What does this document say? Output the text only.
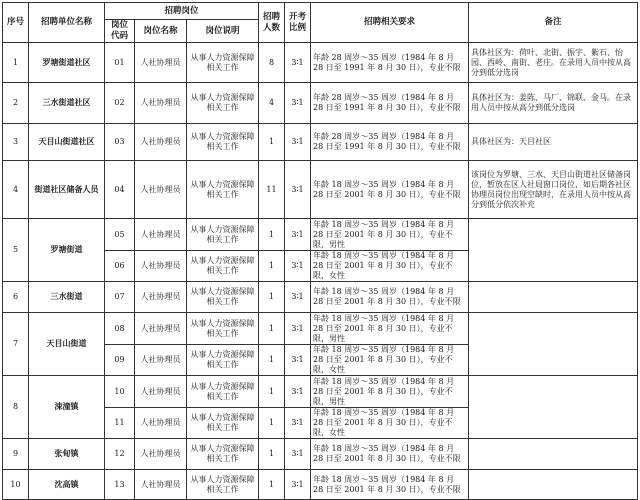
序号	招聘单位名称	招聘岗位			招聘人数	开考比例	招聘相关要求	备注
		岗位代码	岗位名称	岗位说明				
1	罗塘街道社区	01	人社协理员	从事人力资源保障相关工作	8	3∶1	年龄 28 周岁～35 周岁（1984 年 8 月 28 日至 1991 年 8 月 30 日），专业不限	具体社区为：荷叶、北街、振宇、紫石、怡园、西岭、南街、老庄。在录用人员中按从高分到低分选岗
2	三水街道社区	02	人社协理员	从事人力资源保障相关工作	4	3∶1	年龄 28 周岁～35 周岁（1984 年 8 月 28 日至 1991 年 8 月 30 日），专业不限	具体社区为：姜陈、马厂、锦联、金马。在录用人员中按从高分到低分选岗
3	天目山街道社区	03	人社协理员	从事人力资源保障相关工作	1	3∶1	年龄 28 周岁～35 周岁（1984 年 8 月 28 日至 1991 年 8 月 30 日），专业不限	具体社区为：天目社区
4	街道社区储备人员	04	人社协理员	从事人力资源保障相关工作	11	3∶1	年龄 18 周岁～35 周岁（1984 年 8 月 28 日至 2001 年 8 月 30 日），专业不限	该岗位为罗塘、三水、天目山街道社区储备岗位，暂放在区人社局窗口岗位，如后期各社区协理员岗位出现空缺时，在录用人员中按从高分到低分依次补充
5	罗塘街道	05	人社协理员	从事人力资源保障相关工作	1	3∶1	年龄 18 周岁～35 周岁（1984 年 8 月 28 日至 2001 年 8 月 30 日），专业不限，男性	
		06	人社协理员	从事人力资源保障相关工作	1	3∶1	年龄 18 周岁～35 周岁（1984 年 8 月 28 日至 2001 年 8 月 30 日），专业不限，女性	
6	三水街道	07	人社协理员	从事人力资源保障相关工作	1	3∶1	年龄 18 周岁～35 周岁（1984 年 8 月 28 日至 2001 年 8 月 30 日），专业不限	
7	天目山街道	08	人社协理员	从事人力资源保障相关工作	1	3∶1	年龄 18 周岁～35 周岁（1984 年 8 月 28 日至 2001 年 8 月 30 日），专业不限，男性	
		09	人社协理员	从事人力资源保障相关工作	1	3∶1	年龄 18 周岁～35 周岁（1984 年 8 月 28 日至 2001 年 8 月 30 日），专业不限，女性	
8	涑潼镇	10	人社协理员	从事人力资源保障相关工作	1	3∶1	年龄 18 周岁～35 周岁（1984 年 8 月 28 日至 2001 年 8 月 30 日），专业不限，男性	
		11	人社协理员	从事人力资源保障相关工作	1	3∶1	年龄 18 周岁～35 周岁（1984 年 8 月 28 日至 2001 年 8 月 30 日），专业不限，女性	
9	张甸镇	12	人社协理员	从事人力资源保障相关工作	1	3∶1	年龄 18 周岁～35 周岁（1984 年 8 月 28 日至 2001 年 8 月 30 日），专业不限	
10	沈高镇	13	人社协理员	从事人力资源保障相关工作	1	3∶1	年龄 18 周岁～35 周岁（1984 年 8 月 28 日至 2001 年 8 月 30 日），专业不限	
